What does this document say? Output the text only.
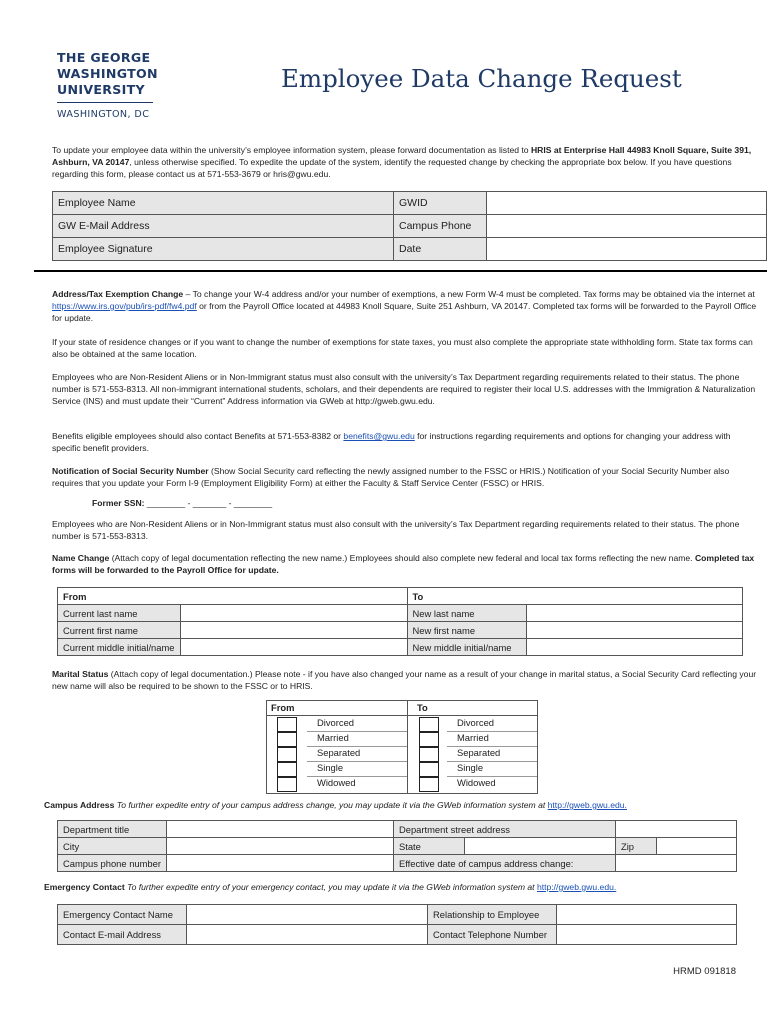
THE GEORGE
WASHINGTON
UNIVERSITY
WASHINGTON, DC
Employee Data Change Request
To update your employee data within the university’s employee information system, please forward documentation as listed to HRIS at Enterprise Hall 44983 Knoll Square, Suite 391, Ashburn, VA 20147, unless otherwise specified. To expedite the update of the system, identify the requested change by checking the appropriate box below. If you have questions regarding this form, please contact us at 571-553-3679 or hris@gwu.edu.
Employee Name	GWID	
GW E-Mail Address	Campus Phone	
Employee Signature	Date	
Address/Tax Exemption Change – To change your W-4 address and/or your number of exemptions, a new Form W-4 must be completed. Tax forms may be obtained via the internet at https://www.irs.gov/pub/irs-pdf/fw4.pdf or from the Payroll Office located at 44983 Knoll Square, Suite 251 Ashburn, VA 20147. Completed tax forms will be forwarded to the Payroll Office for update.
If your state of residence changes or if you want to change the number of exemptions for state taxes, you must also complete the appropriate state withholding form. State tax forms can also be obtained at the same location.
Employees who are Non-Resident Aliens or in Non-Immigrant status must also consult with the university’s Tax Department regarding requirements related to their status. The phone number is 571-553-8313. All non-immigrant international students, scholars, and their dependents are required to register their local U.S. addresses with the Immigration & Naturalization Service (INS) and must update their “Current” Address information via GWeb at http://gweb.gwu.edu.
Benefits eligible employees should also contact Benefits at 571-553-8382 or benefits@gwu.edu for instructions regarding requirements and options for changing your address with specific benefit providers.
Notification of Social Security Number (Show Social Security card reflecting the newly assigned number to the FSSC or HRIS.) Notification of your Social Security Number also requires that you update your Form I-9 (Employment Eligibility Form) at either the Faculty & Staff Service Center (FSSC) or HRIS.
Former SSN: ________ - _______ - ________
Employees who are Non-Resident Aliens or in Non-Immigrant status must also consult with the university’s Tax Department regarding requirements related to their status. The phone number is 571-553-8313.
Name Change (Attach copy of legal documentation reflecting the new name.) Employees should also complete new federal and local tax forms reflecting the new name. Completed tax forms will be forwarded to the Payroll Office for update.
From		To	
Current last name		New last name	
Current first name		New first name	
Current middle initial/name		New middle initial/name	
Marital Status (Attach copy of legal documentation.) Please note - if you have also changed your name as a result of your change in marital status, a Social Security Card reflecting your new name will also be required to be shown to the FSSC or to HRIS.
From	To
Divorced	Divorced
Married	Married
Separated	Separated
Single	Single
Widowed	Widowed
Campus Address To further expedite entry of your campus address change, you may update it via the GWeb information system at http://gweb.gwu.edu.
Department title		Department street address			
City		State		Zip	
Campus phone number		Effective date of campus address change:			
Emergency Contact To further expedite entry of your emergency contact, you may update it via the GWeb information system at http://gweb.gwu.edu.
Emergency Contact Name		Relationship to Employee	
Contact E-mail Address		Contact Telephone Number	
HRMD 091818
